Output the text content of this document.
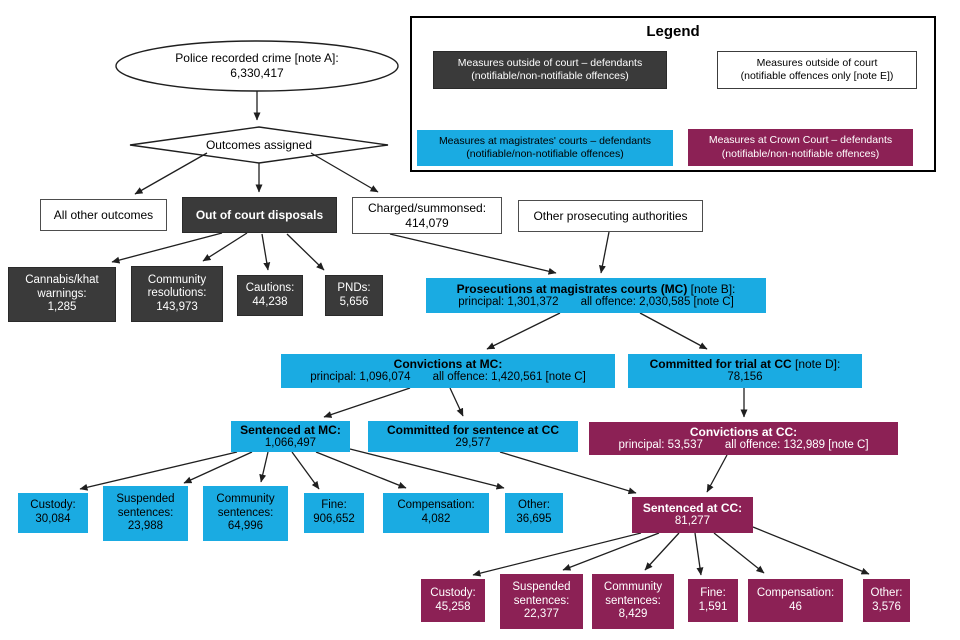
Legend
Measures outside of court – defendants
(notifiable/non-notifiable offences)
Measures outside of court
(notifiable offences only [note E])
Measures at magistrates' courts – defendants
(notifiable/non-notifiable offences)
Measures at Crown Court – defendants
(notifiable/non-notifiable offences)
Police recorded crime [note A]:
6,330,417
Outcomes assigned
All other outcomes	Out of court disposals	Charged/summonsed:
414,079	Other prosecuting authorities
Cannabis/khat warnings:
1,285
Community resolutions:
143,973
Cautions:
44,238
PNDs:
5,656
Prosecutions at magistrates courts (MC) [note B]:
principal: 1,301,372 all offence: 2,030,585 [note C]
Convictions at MC:
principal: 1,096,074 all offence: 1,420,561 [note C]
Committed for trial at CC [note D]:
78,156
Sentenced at MC:
1,066,497
Committed for sentence at CC
29,577
Convictions at CC:
principal: 53,537 all offence: 132,989 [note C]
Custody:
30,084
Suspended sentences:
23,988
Community sentences:
64,996
Fine:
906,652
Compensation:
4,082
Other:
36,695
Sentenced at CC:
81,277
Custody:
45,258
Suspended sentences:
22,377
Community sentences:
8,429
Fine:
1,591
Compensation:
46
Other:
3,576
